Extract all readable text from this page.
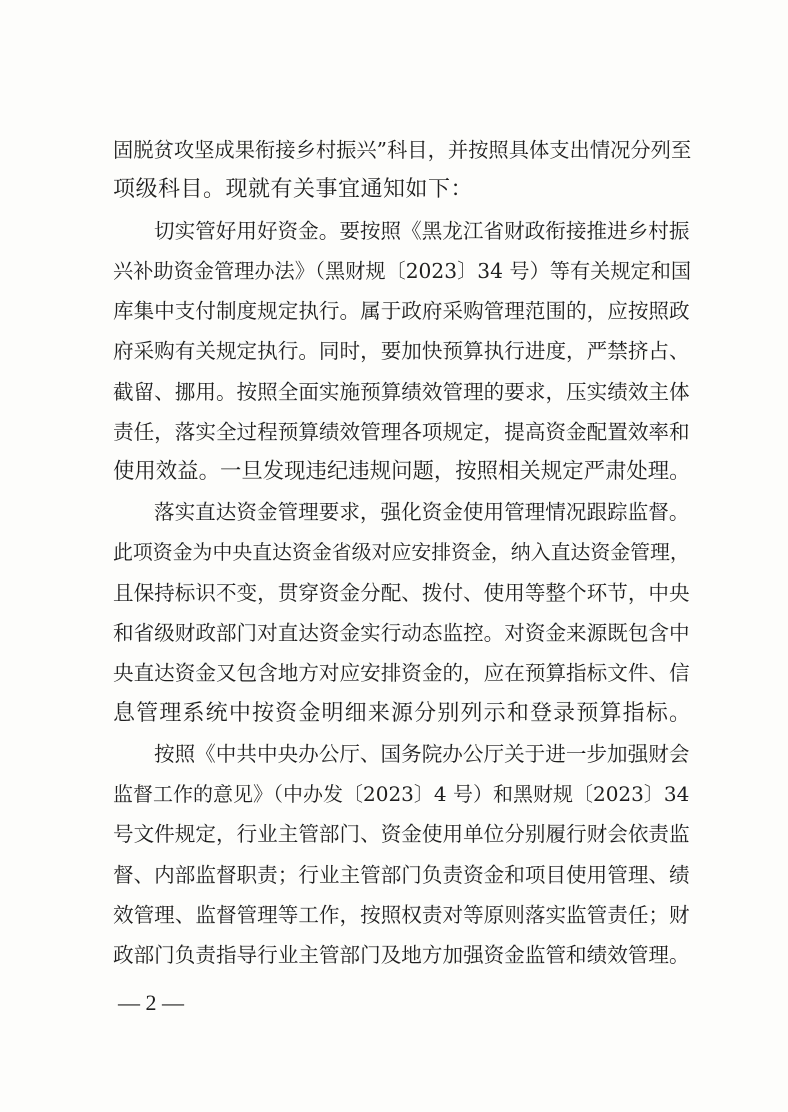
固脱贫攻坚成果衔接乡村振兴”科目，并按照具体支出情况分列至
项级科目。现就有关事宜通知如下：
切实管好用好资金。要按照《黑龙江省财政衔接推进乡村振
兴补助资金管理办法》（黑财规〔2023〕34 号）等有关规定和国
库集中支付制度规定执行。属于政府采购管理范围的，应按照政
府采购有关规定执行。同时，要加快预算执行进度，严禁挤占、
截留、挪用。按照全面实施预算绩效管理的要求，压实绩效主体
责任，落实全过程预算绩效管理各项规定，提高资金配置效率和
使用效益。一旦发现违纪违规问题，按照相关规定严肃处理。
落实直达资金管理要求，强化资金使用管理情况跟踪监督。
此项资金为中央直达资金省级对应安排资金，纳入直达资金管理，
且保持标识不变，贯穿资金分配、拨付、使用等整个环节，中央
和省级财政部门对直达资金实行动态监控。对资金来源既包含中
央直达资金又包含地方对应安排资金的，应在预算指标文件、信
息管理系统中按资金明细来源分别列示和登录预算指标。
按照《中共中央办公厅、国务院办公厅关于进一步加强财会
监督工作的意见》（中办发〔2023〕4 号）和黑财规〔2023〕34
号文件规定，行业主管部门、资金使用单位分别履行财会依责监
督、内部监督职责；行业主管部门负责资金和项目使用管理、绩
效管理、监督管理等工作，按照权责对等原则落实监管责任；财
政部门负责指导行业主管部门及地方加强资金监管和绩效管理。
— 2 —
